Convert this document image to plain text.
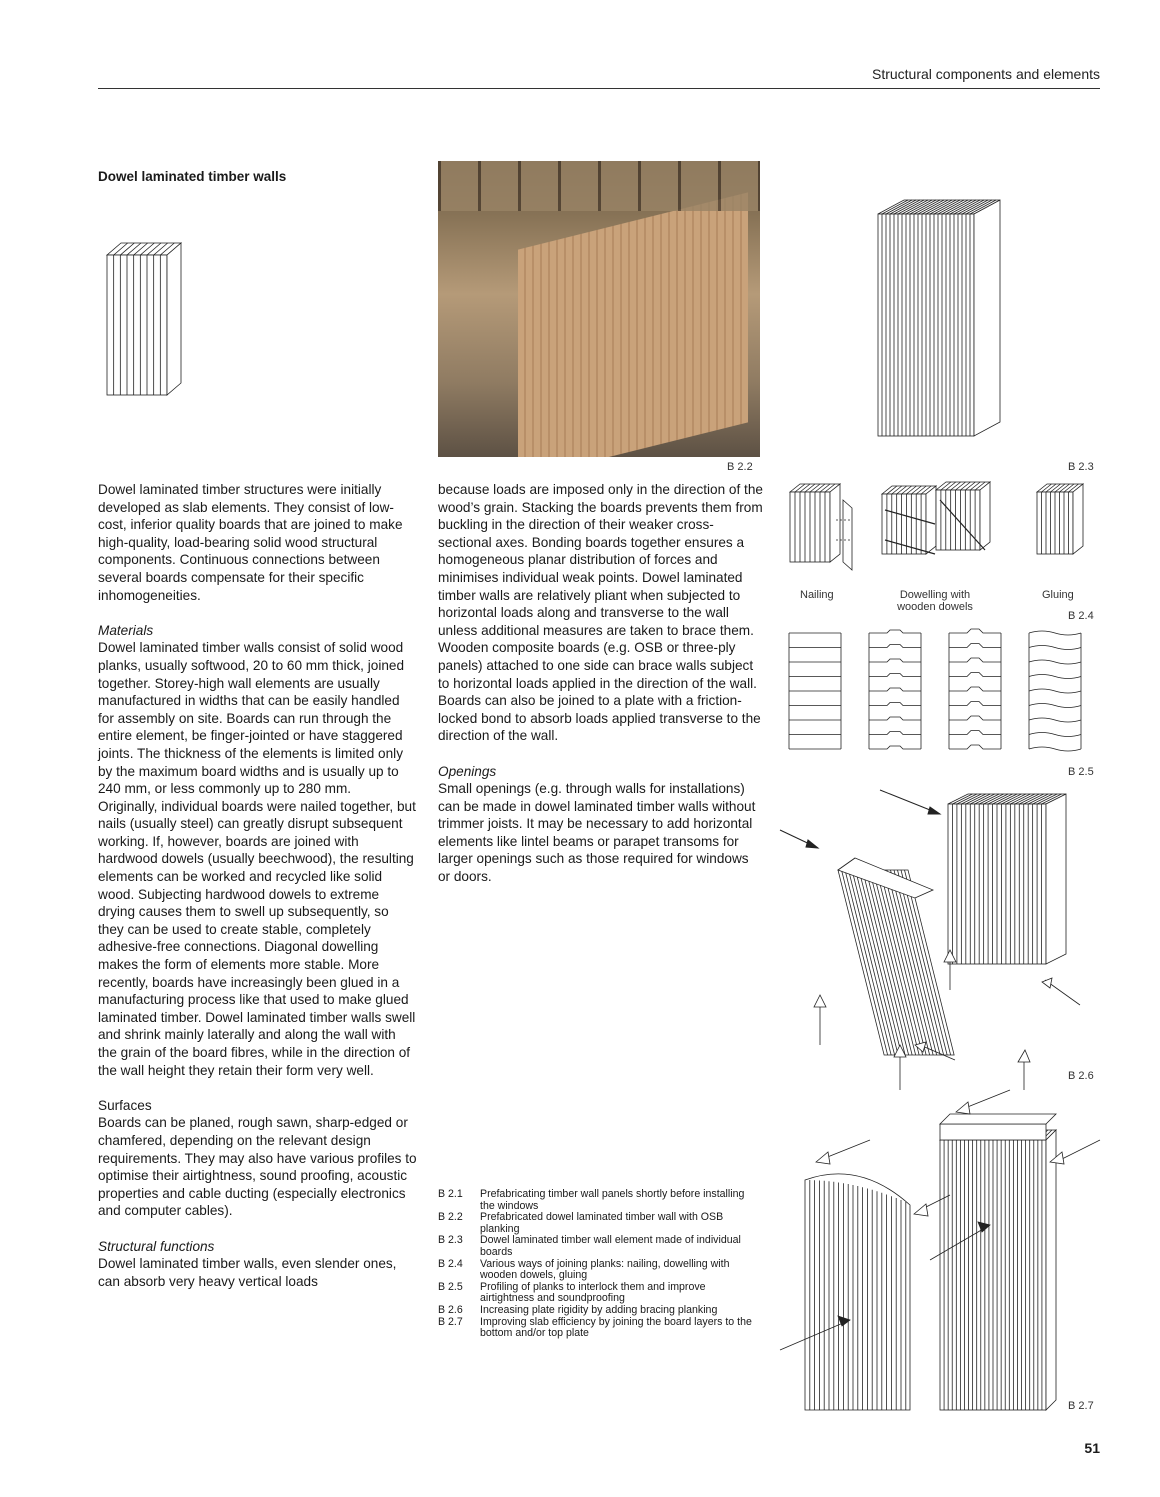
Structural components and elements
Dowel laminated timber walls
B 2.2	B 2.3
Nailing	Dowelling with wooden dowels
Gluing
B 2.4
B 2.5
B 2.6
B 2.7

Dowel laminated timber structures were initially developed as slab elements. They consist of low-cost, inferior quality boards that are joined to make high-quality, load-bearing solid wood structural components. Continuous connections between several boards compensate for their specific inhomogeneities.

Materials

Dowel laminated timber walls consist of solid wood planks, usually softwood, 20 to 60 mm thick, joined together. Storey-high wall elements are usually manufactured in widths that can be easily handled for assembly on site. Boards can run through the entire element, be finger-jointed or have staggered joints. The thickness of the elements is limited only by the maximum board widths and is usually up to 240 mm, or less commonly up to 280 mm.

Originally, individual boards were nailed together, but nails (usually steel) can greatly disrupt subsequent working. If, however, boards are joined with hardwood dowels (usually beechwood), the resulting elements can be worked and recycled like solid wood. Subjecting hardwood dowels to extreme drying causes them to swell up subsequently, so they can be used to create stable, completely adhesive-free connections. Diagonal dowelling makes the form of elements more stable. More recently, boards have increasingly been glued in a manufacturing process like that used to make glued laminated timber. Dowel laminated timber walls swell and shrink mainly laterally and along the wall with the grain of the board fibres, while in the direction of the wall height they retain their form very well.

Surfaces

Boards can be planed, rough sawn, sharp-edged or chamfered, depending on the relevant design requirements. They may also have various profiles to optimise their airtightness, sound proofing, acoustic properties and cable ducting (especially electronics and computer cables).

Structural functions

Dowel laminated timber walls, even slender ones, can absorb very heavy vertical loads

because loads are imposed only in the direction of the wood’s grain. Stacking the boards prevents them from buckling in the direction of their weaker cross-sectional axes. Bonding boards together ensures a homogeneous planar distribution of forces and minimises individual weak points. Dowel laminated timber walls are relatively pliant when subjected to horizontal loads along and transverse to the wall unless additional measures are taken to brace them. Wooden composite boards (e.g. OSB or three-ply panels) attached to one side can brace walls subject to horizontal loads applied in the direction of the wall. Boards can also be joined to a plate with a friction-locked bond to absorb loads applied transverse to the direction of the wall.

Openings

Small openings (e.g. through walls for installations) can be made in dowel laminated timber walls without trimmer joists. It may be necessary to add horizontal elements like lintel beams or parapet transoms for larger openings such as those required for windows or doors.

B 2.1	Prefabricating timber wall panels shortly before installing the windows
B 2.2	Prefabricated dowel laminated timber wall with OSB planking
B 2.3	Dowel laminated timber wall element made of individual boards
B 2.4	Various ways of joining planks: nailing, dowelling with wooden dowels, gluing
B 2.5	Profiling of planks to interlock them and improve airtightness and soundproofing
B 2.6	Increasing plate rigidity by adding bracing planking
B 2.7	Improving slab efficiency by joining the board layers to the bottom and/or top plate
51
